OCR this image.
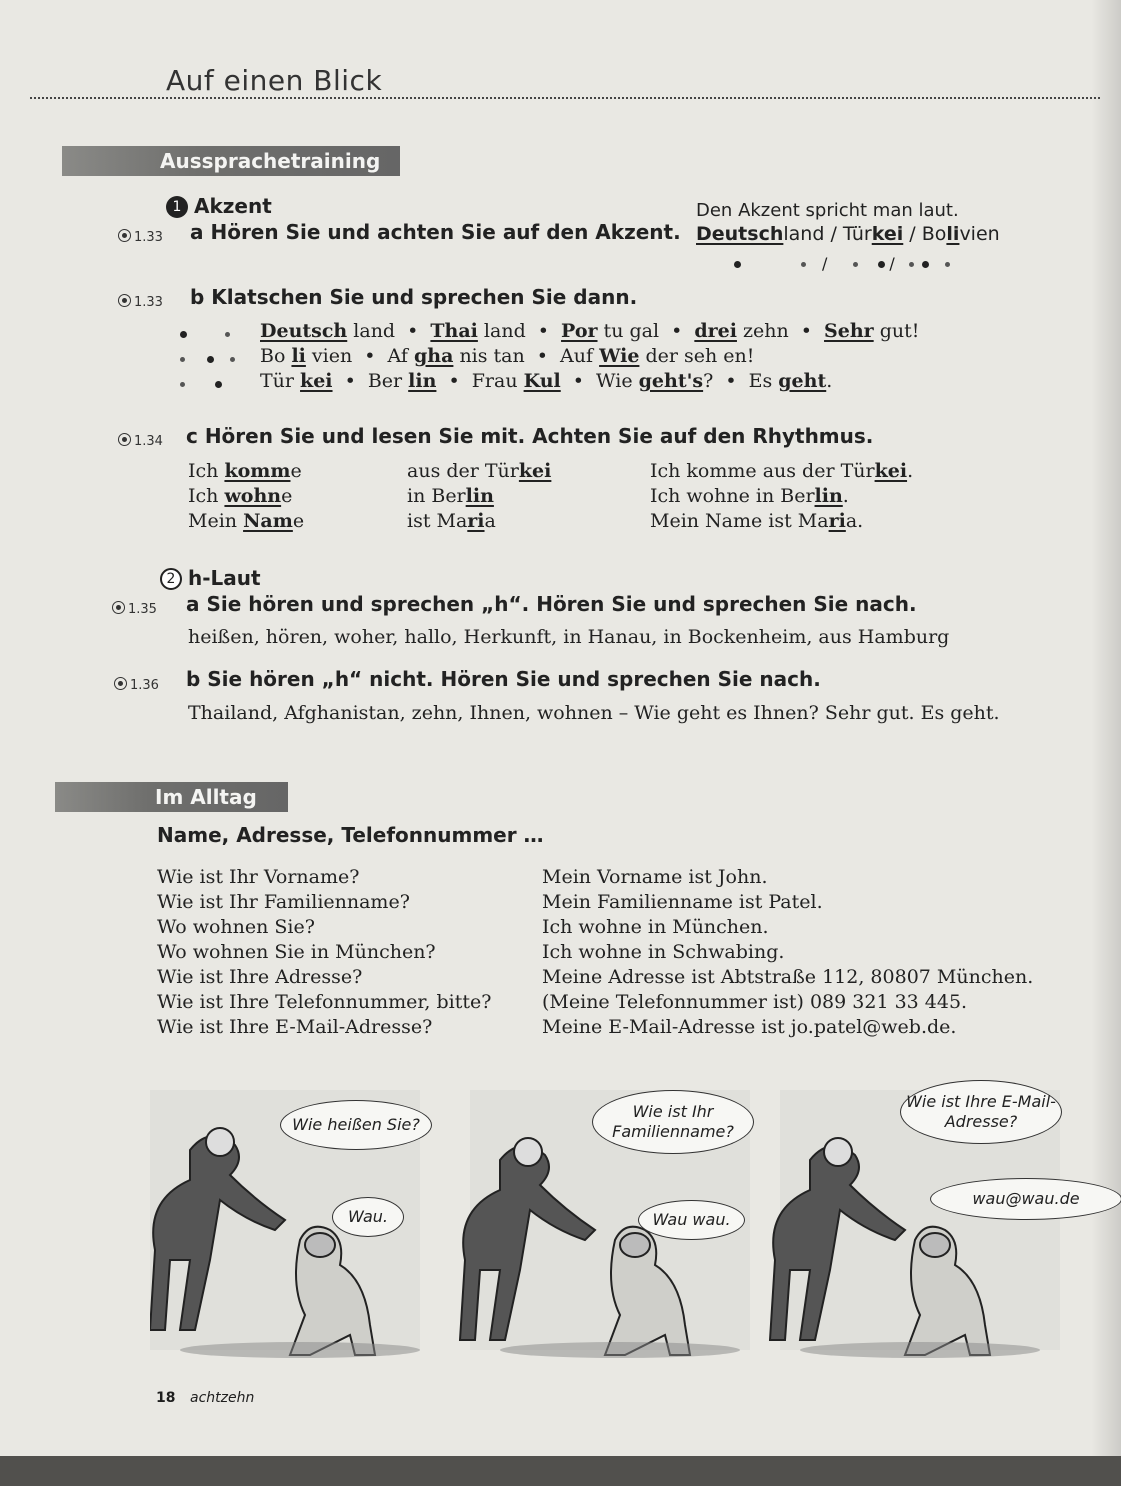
Auf einen Blick
Aussprachetraining
1 Akzent	Den Akzent spricht man laut.
1.33 a Hören Sie und achten Sie auf den Akzent. Deutschland / Türkei / Bolivien
/	/
1.33 b Klatschen Sie und sprechen Sie dann.
Deutsch land • Thai land • Por tu gal • drei zehn • Sehr gut!
Bo li vien • Af gha nis tan • Auf Wie der seh en!
Tür kei • Ber lin • Frau Kul • Wie geht's? • Es geht.
1.34 c Hören Sie und lesen Sie mit. Achten Sie auf den Rhythmus.
Ich komme	aus der Türkei	Ich komme aus der Türkei.
Ich wohne	in Berlin	Ich wohne in Berlin.
Mein Name	ist Maria	Mein Name ist Maria.
2 h-Laut
1.35 a Sie hören und sprechen „h“. Hören Sie und sprechen Sie nach.
heißen, hören, woher, hallo, Herkunft, in Hanau, in Bockenheim, aus Hamburg
1.36 b Sie hören „h“ nicht. Hören Sie und sprechen Sie nach.
Thailand, Afghanistan, zehn, Ihnen, wohnen – Wie geht es Ihnen? Sehr gut. Es geht.
Im Alltag
Name, Adresse, Telefonnummer …
Wie ist Ihr Vorname?	Mein Vorname ist John.
Wie ist Ihr Familienname?	Mein Familienname ist Patel.
Wo wohnen Sie?	Ich wohne in München.
Wo wohnen Sie in München?	Ich wohne in Schwabing.
Wie ist Ihre Adresse?	Meine Adresse ist Abtstraße 112, 80807 München.
Wie ist Ihre Telefonnummer, bitte?	(Meine Telefonnummer ist) 089 321 33 445.
Wie ist Ihre E-Mail-Adresse?	Meine E-Mail-Adresse ist jo.patel@web.de.
Wie heißen Sie?
Wau.
Wie ist Ihr Familienname?
Wau wau.
Wie ist Ihre E-Mail-Adresse?
wau@wau.de
18 achtzehn
